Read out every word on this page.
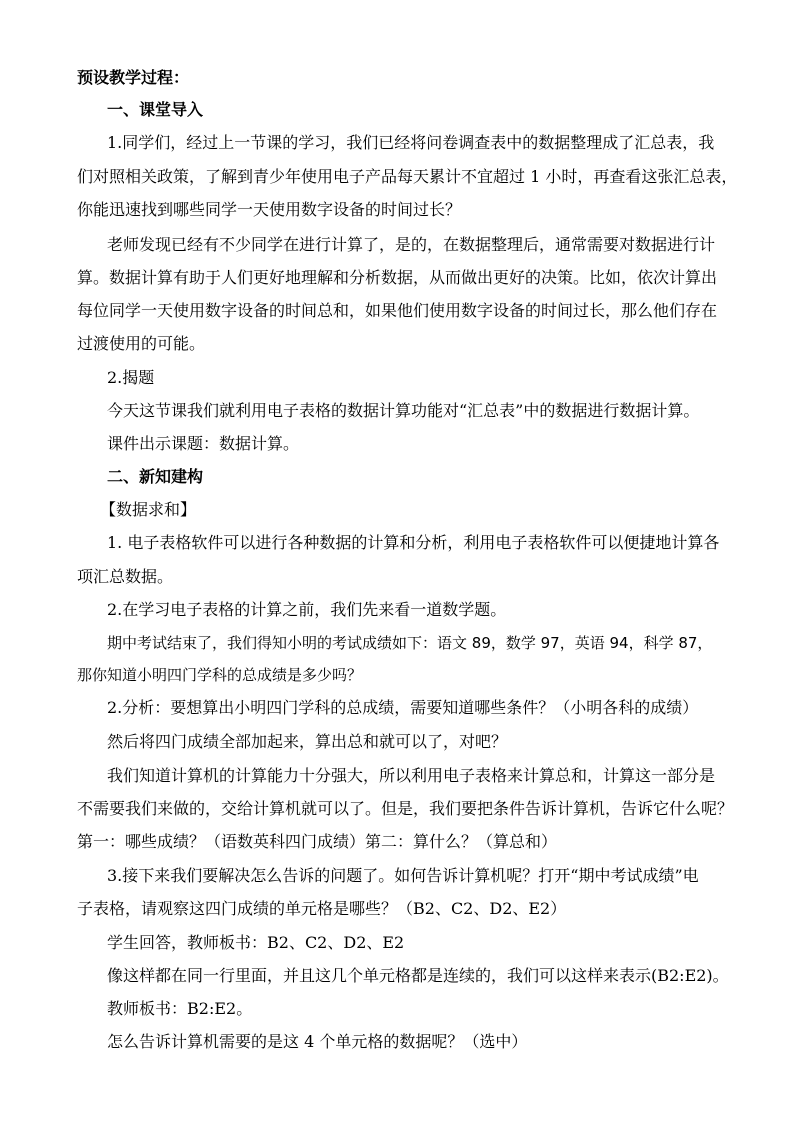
预设教学过程：
一、课堂导入
1.同学们，经过上一节课的学习，我们已经将问卷调查表中的数据整理成了汇总表，我
们对照相关政策，了解到青少年使用电子产品每天累计不宜超过 1 小时，再查看这张汇总表，
你能迅速找到哪些同学一天使用数字设备的时间过长？
老师发现已经有不少同学在进行计算了，是的，在数据整理后，通常需要对数据进行计
算。数据计算有助于人们更好地理解和分析数据，从而做出更好的决策。比如，依次计算出
每位同学一天使用数字设备的时间总和，如果他们使用数字设备的时间过长，那么他们存在
过渡使用的可能。
2.揭题
今天这节课我们就利用电子表格的数据计算功能对“汇总表”中的数据进行数据计算。
课件出示课题：数据计算。
二、新知建构
【数据求和】
1. 电子表格软件可以进行各种数据的计算和分析，利用电子表格软件可以便捷地计算各
项汇总数据。
2.在学习电子表格的计算之前，我们先来看一道数学题。
期中考试结束了，我们得知小明的考试成绩如下：语文 89，数学 97，英语 94，科学 87，
那你知道小明四门学科的总成绩是多少吗？
2.分析：要想算出小明四门学科的总成绩，需要知道哪些条件？（小明各科的成绩）
然后将四门成绩全部加起来，算出总和就可以了，对吧？
我们知道计算机的计算能力十分强大，所以利用电子表格来计算总和，计算这一部分是
不需要我们来做的，交给计算机就可以了。但是，我们要把条件告诉计算机，告诉它什么呢？
第一：哪些成绩？（语数英科四门成绩）第二：算什么？（算总和）
3.接下来我们要解决怎么告诉的问题了。如何告诉计算机呢？打开“期中考试成绩”电
子表格，请观察这四门成绩的单元格是哪些？（B2、C2、D2、E2）
学生回答，教师板书：B2、C2、D2、E2
像这样都在同一行里面，并且这几个单元格都是连续的，我们可以这样来表示(B2:E2)。
教师板书：B2:E2。
怎么告诉计算机需要的是这 4 个单元格的数据呢？（选中）
